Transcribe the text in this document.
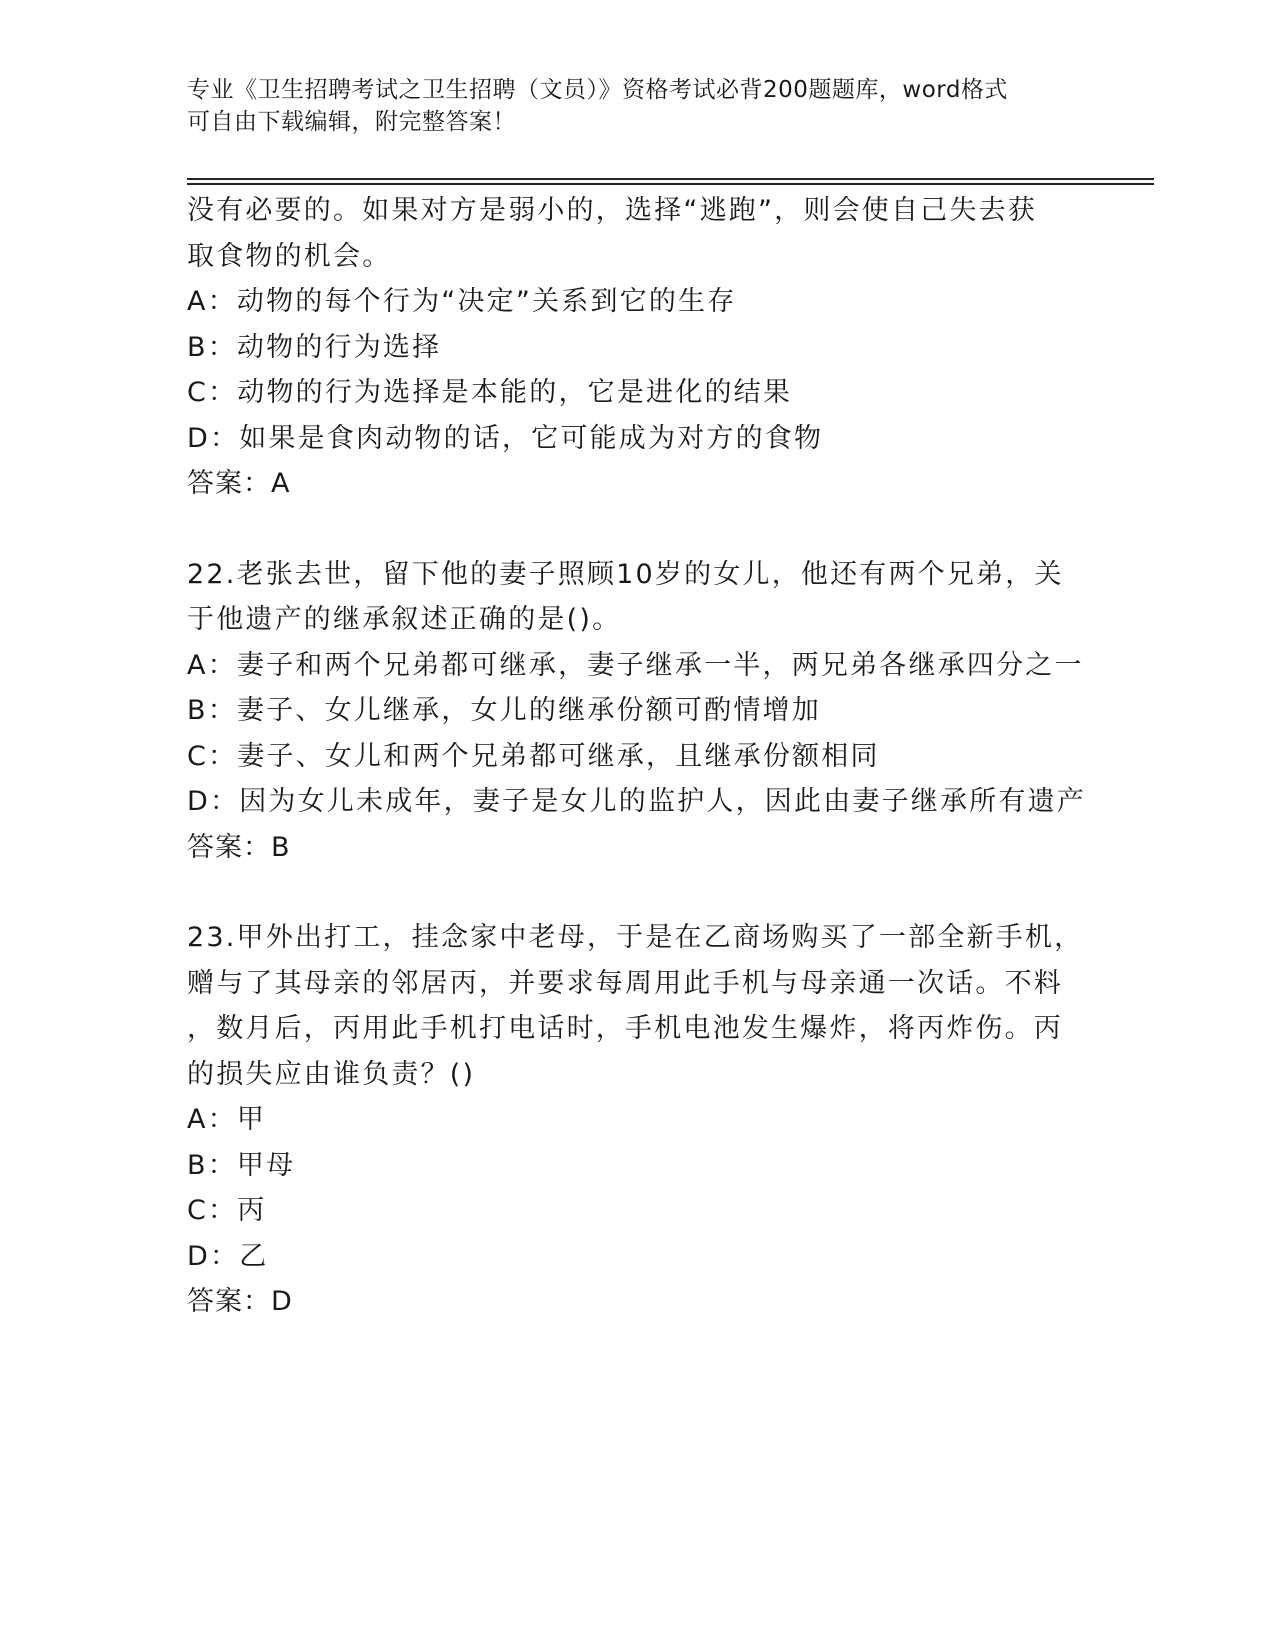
专业《卫生招聘考试之卫生招聘（文员）》资格考试必背200题题库，word格式
可自由下载编辑，附完整答案！
没有必要的。如果对方是弱小的，选择“逃跑”，则会使自己失去获
取食物的机会。
A：动物的每个行为“决定”关系到它的生存
B：动物的行为选择
C：动物的行为选择是本能的，它是进化的结果
D：如果是食肉动物的话，它可能成为对方的食物
答案：A
22.老张去世，留下他的妻子照顾10岁的女儿，他还有两个兄弟，关
于他遗产的继承叙述正确的是()。
A：妻子和两个兄弟都可继承，妻子继承一半，两兄弟各继承四分之一
B：妻子、女儿继承，女儿的继承份额可酌情增加
C：妻子、女儿和两个兄弟都可继承，且继承份额相同
D：因为女儿未成年，妻子是女儿的监护人，因此由妻子继承所有遗产
答案：B
23.甲外出打工，挂念家中老母，于是在乙商场购买了一部全新手机，
赠与了其母亲的邻居丙，并要求每周用此手机与母亲通一次话。不料
，数月后，丙用此手机打电话时，手机电池发生爆炸，将丙炸伤。丙
的损失应由谁负责？()
A：甲
B：甲母
C：丙
D：乙
答案：D
